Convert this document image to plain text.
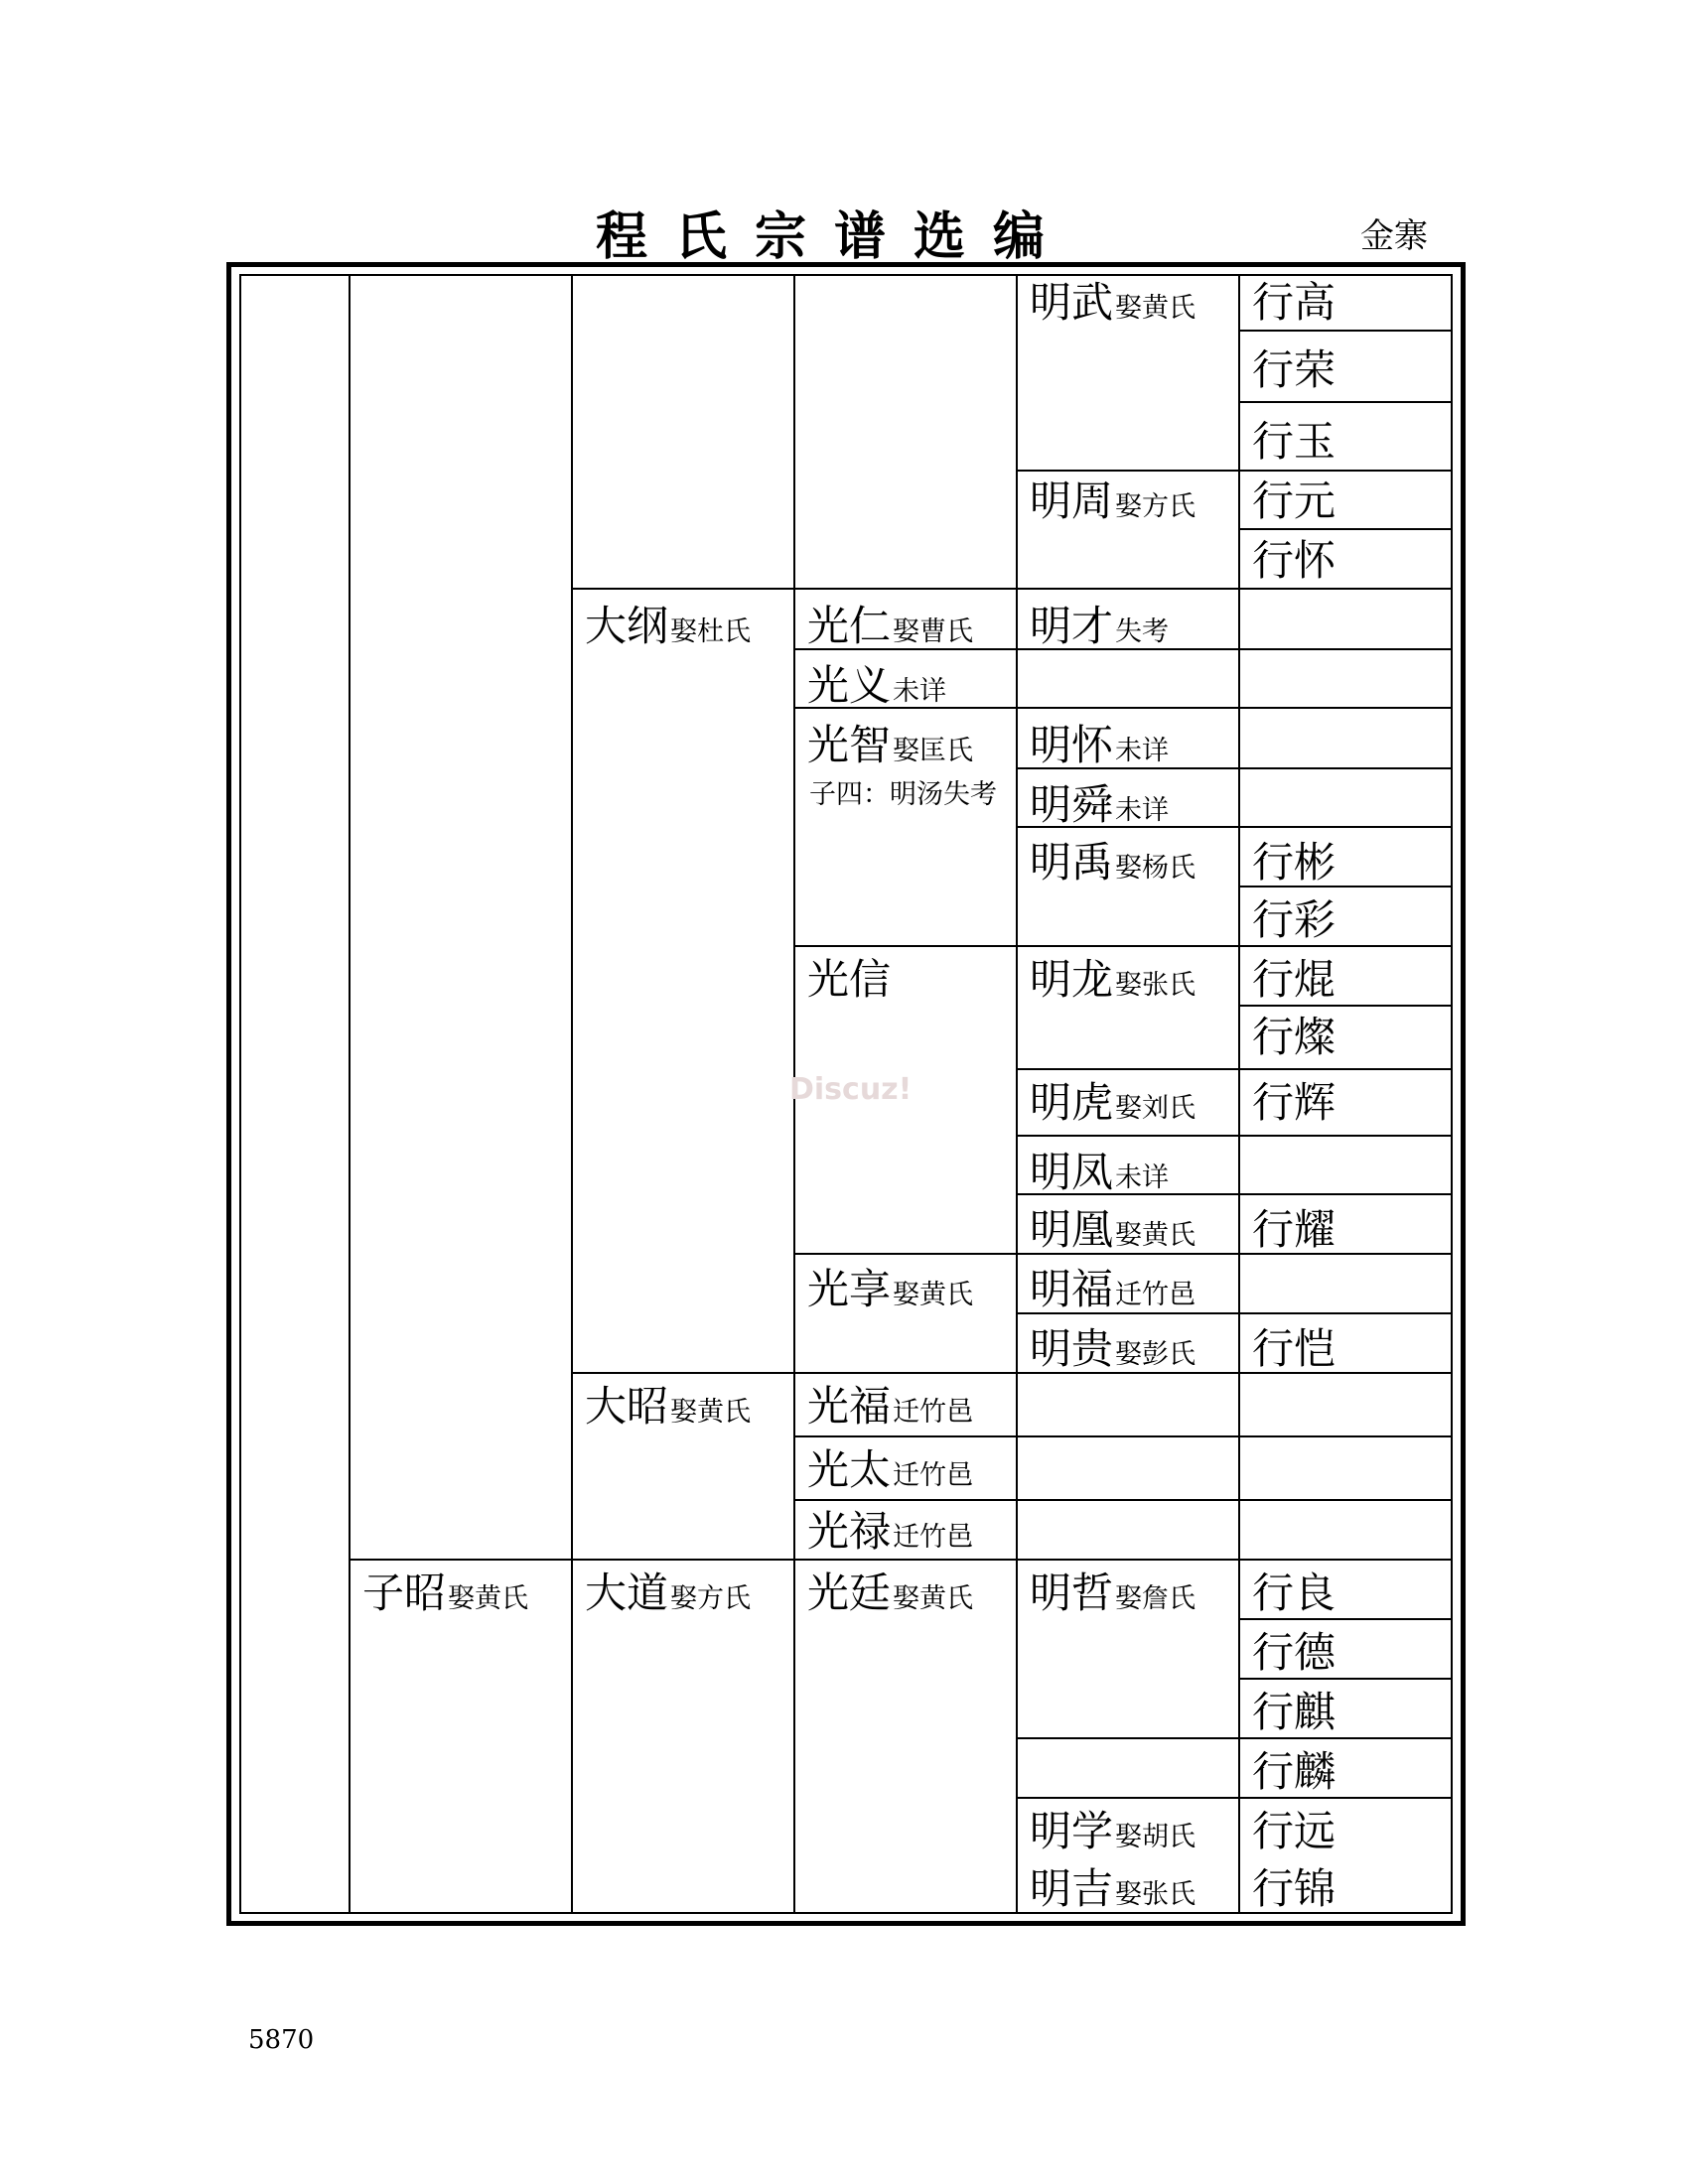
程氏宗谱选编	金寨
明武娶黄氏 行高
行荣
行玉
明周娶方氏 行元
行怀
大纲娶杜氏 光仁娶曹氏 明才失考
光义未详
光智娶匡氏 明怀未详
明舜未详
明禹娶杨氏 行彬
行彩
光信	明龙娶张氏 行焜
行燦
明虎娶刘氏 行辉
明凤未详
明凰娶黄氏 行耀
光享娶黄氏 明福迁竹邑
明贵娶彭氏 行恺
大昭娶黄氏 光福迁竹邑
光太迁竹邑
光禄迁竹邑
子昭娶黄氏 大道娶方氏 光廷娶黄氏 明哲娶詹氏 行良
行德
行麒
行麟
明学娶胡氏 行远
明吉娶张氏 行锦
子四：明汤失考
Discuz!
5870
